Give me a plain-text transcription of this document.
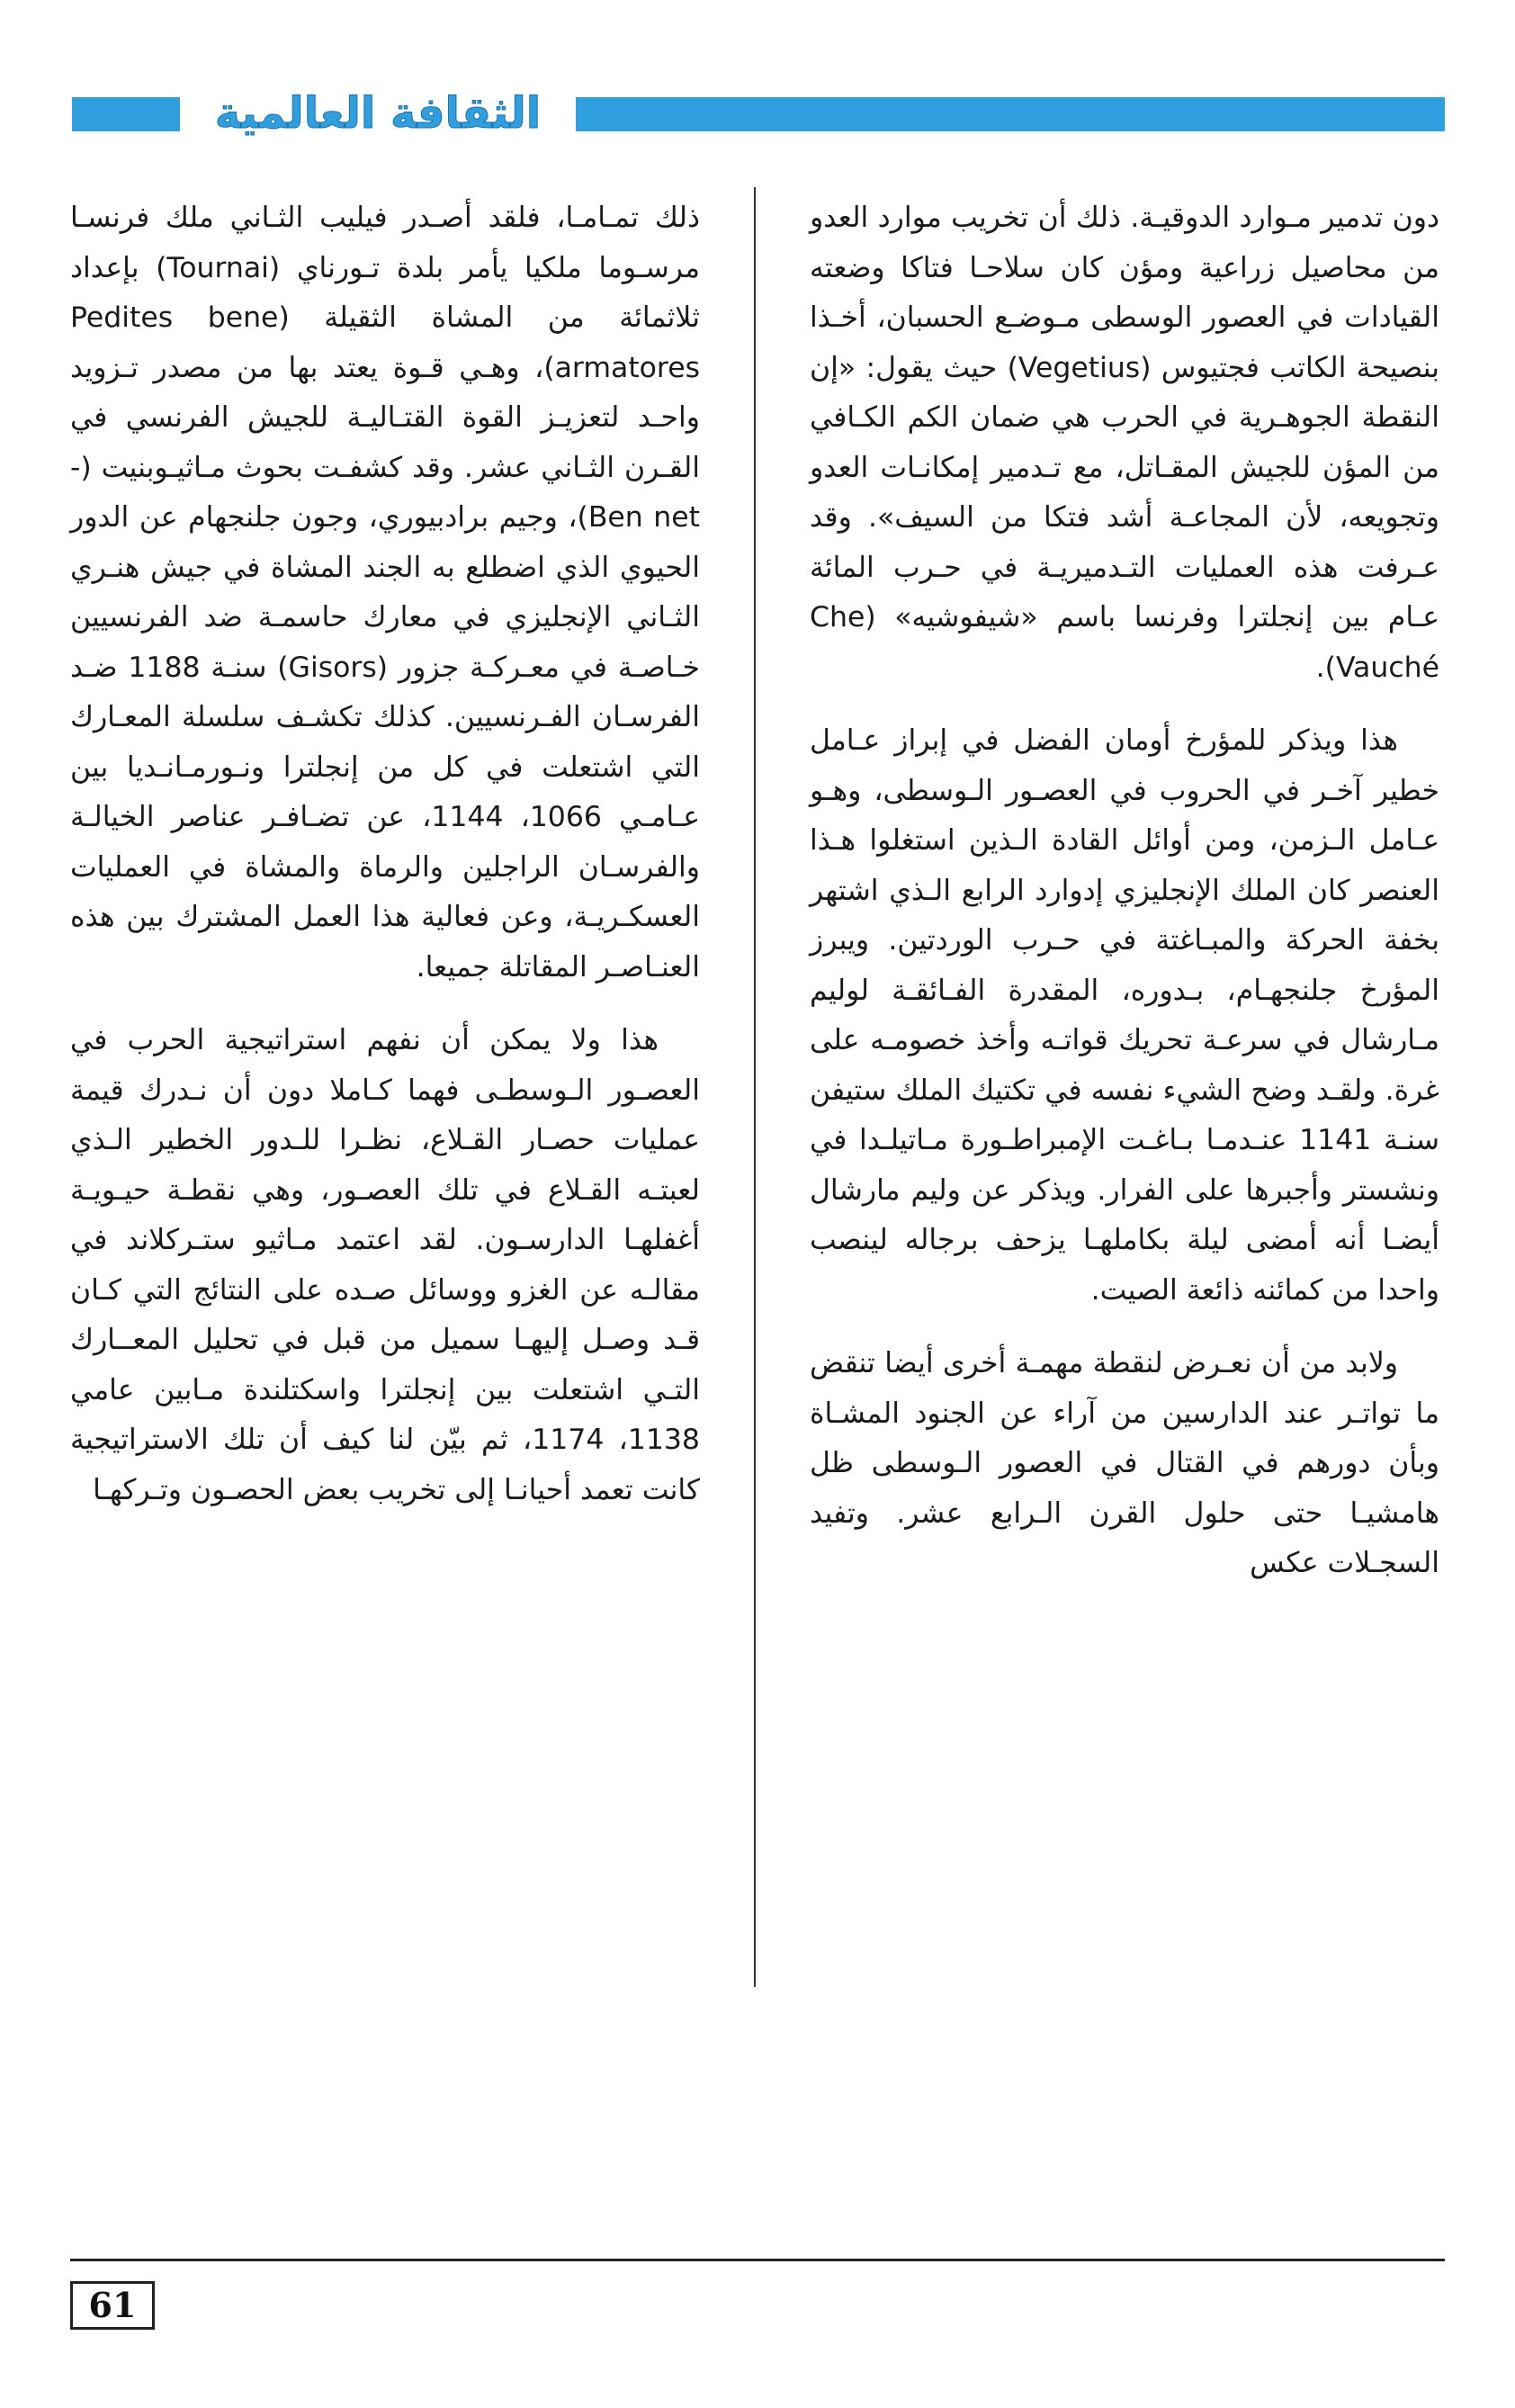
الثقافة العالمية

دون تدمير مـوارد الدوقيـة. ذلك أن تخريب موارد العدو من محاصيل زراعية ومؤن كان سلاحـا فتاكا وضعته القيادات في العصور الوسطى مـوضـع الحسبان، أخـذا بنصيحة الكاتب فجتيوس (Vegetius) حيث يقول: «إن النقطة الجوهـرية في الحرب هي ضمان الكم الكـافي من المؤن للجيش المقـاتل، مع تـدمير إمكانـات العدو وتجويعه، لأن المجاعـة أشد فتكا من السيف». وقد عـرفت هذه العمليات التـدميريـة في حـرب المائة عـام بين إنجلترا وفرنسا باسم «شيفوشيه» (Che Vauché).

هذا ويذكر للمؤرخ أومان الفضل في إبراز عـامل خطير آخـر في الحروب في العصـور الـوسطى، وهـو عـامل الـزمن، ومن أوائل القادة الـذين استغلوا هـذا العنصر كان الملك الإنجليزي إدوارد الرابع الـذي اشتهر بخفة الحركة والمبـاغتة في حـرب الوردتين. ويبرز المؤرخ جلنجهـام، بـدوره، المقدرة الفـائقـة لوليم مـارشال في سرعـة تحريك قواتـه وأخذ خصومـه على غرة. ولقـد وضح الشيء نفسه في تكتيك الملك ستيفن سنـة 1141 عنـدمـا بـاغـت الإمبراطـورة مـاتيلـدا في ونشستر وأجبرها على الفرار. ويذكر عن وليم مارشال أيضـا أنه أمضى ليلة بكاملهـا يزحف برجاله لينصب واحدا من كمائنه ذائعة الصيت.

ولابد من أن نعـرض لنقطة مهمـة أخرى أيضا تنقض ما تواتـر عند الدارسين من آراء عن الجنود المشـاة وبأن دورهم في القتال في العصور الـوسطى ظل هامشيـا حتى حلول القرن الـرابع عشر. وتفيد السجـلات عكس

ذلك تمـامـا، فلقد أصـدر فيليب الثـاني ملك فرنسـا مرسـوما ملكيا يأمر بلدة تـورناي (Tournai) بإعداد ثلاثمائة من المشاة الثقيلة (Pedites bene armatores)، وهـي قـوة يعتد بها من مصدر تـزويد واحـد لتعزيـز القوة القتـاليـة للجيش الفرنسي في القـرن الثـاني عشر. وقد كشفـت بحوث مـاثيـوبنيت (-Ben net)، وجيم برادبيوري، وجون جلنجهام عن الدور الحيوي الذي اضطلع به الجند المشاة في جيش هنـري الثـاني الإنجليزي في معارك حاسمـة ضد الفرنسيين خـاصـة في معـركـة جزور (Gisors) سنـة 1188 ضـد الفرسـان الفـرنسيين. كذلك تكشـف سلسلة المعـارك التي اشتعلت في كل من إنجلترا ونـورمـانـديا بين عـامـي 1066، 1144، عن تضـافـر عناصر الخيالـة والفرسـان الراجلين والرماة والمشاة في العمليات العسكـريـة، وعن فعالية هذا العمل المشترك بين هذه العنـاصـر المقاتلة جميعا.

هذا ولا يمكن أن نفهم استراتيجية الحرب في العصـور الـوسطـى فهما كـاملا دون أن نـدرك قيمة عمليات حصـار القـلاع، نظـرا للـدور الخطير الـذي لعبتـه القـلاع في تلك العصـور، وهي نقطـة حيـويـة أغفلهـا الدارسـون. لقد اعتمد مـاثيو ستـركلاند في مقالـه عن الغزو ووسائل صـده على النتائج التي كـان قـد وصـل إليهـا سميل من قبل في تحليل المعــارك التـي اشتعلت بين إنجلترا واسكتلندة مـابين عامي 1138، 1174، ثم بيّن لنا كيف أن تلك الاستراتيجية كانت تعمد أحيانـا إلى تخريب بعض الحصـون وتـركهـا

61
